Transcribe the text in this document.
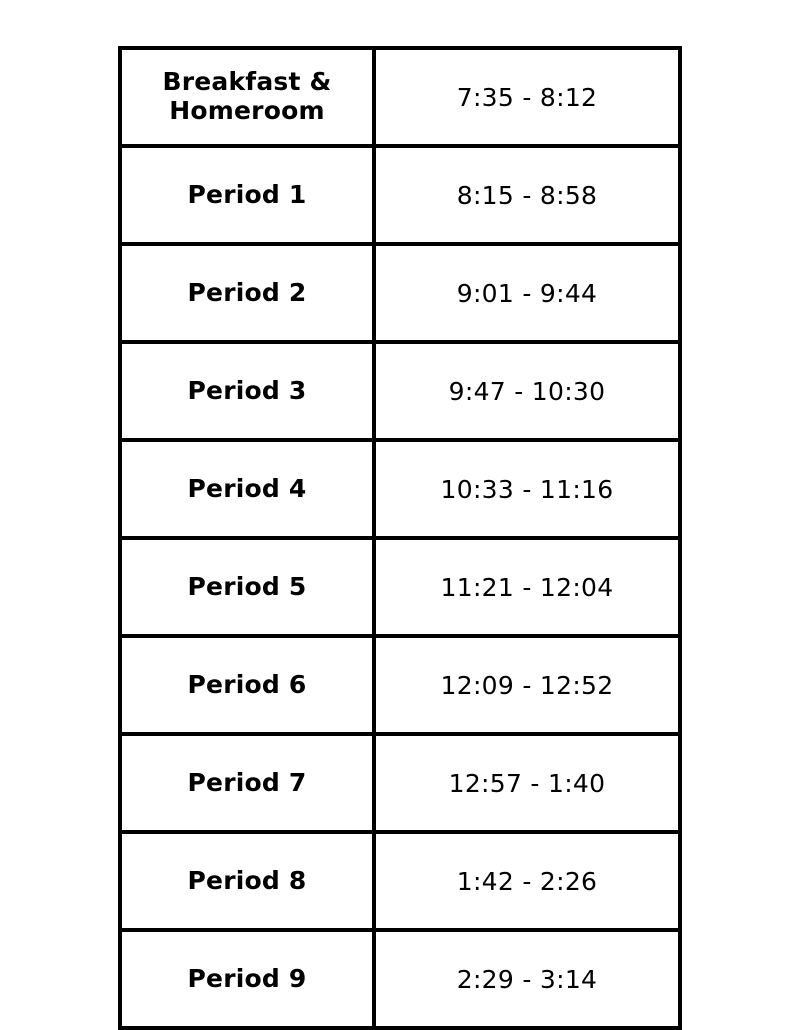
Breakfast &
Homeroom	7:35 - 8:12
Period 1	8:15 - 8:58
Period 2	9:01 - 9:44
Period 3	9:47 - 10:30
Period 4	10:33 - 11:16
Period 5	11:21 - 12:04
Period 6	12:09 - 12:52
Period 7	12:57 - 1:40
Period 8	1:42 - 2:26
Period 9	2:29 - 3:14
